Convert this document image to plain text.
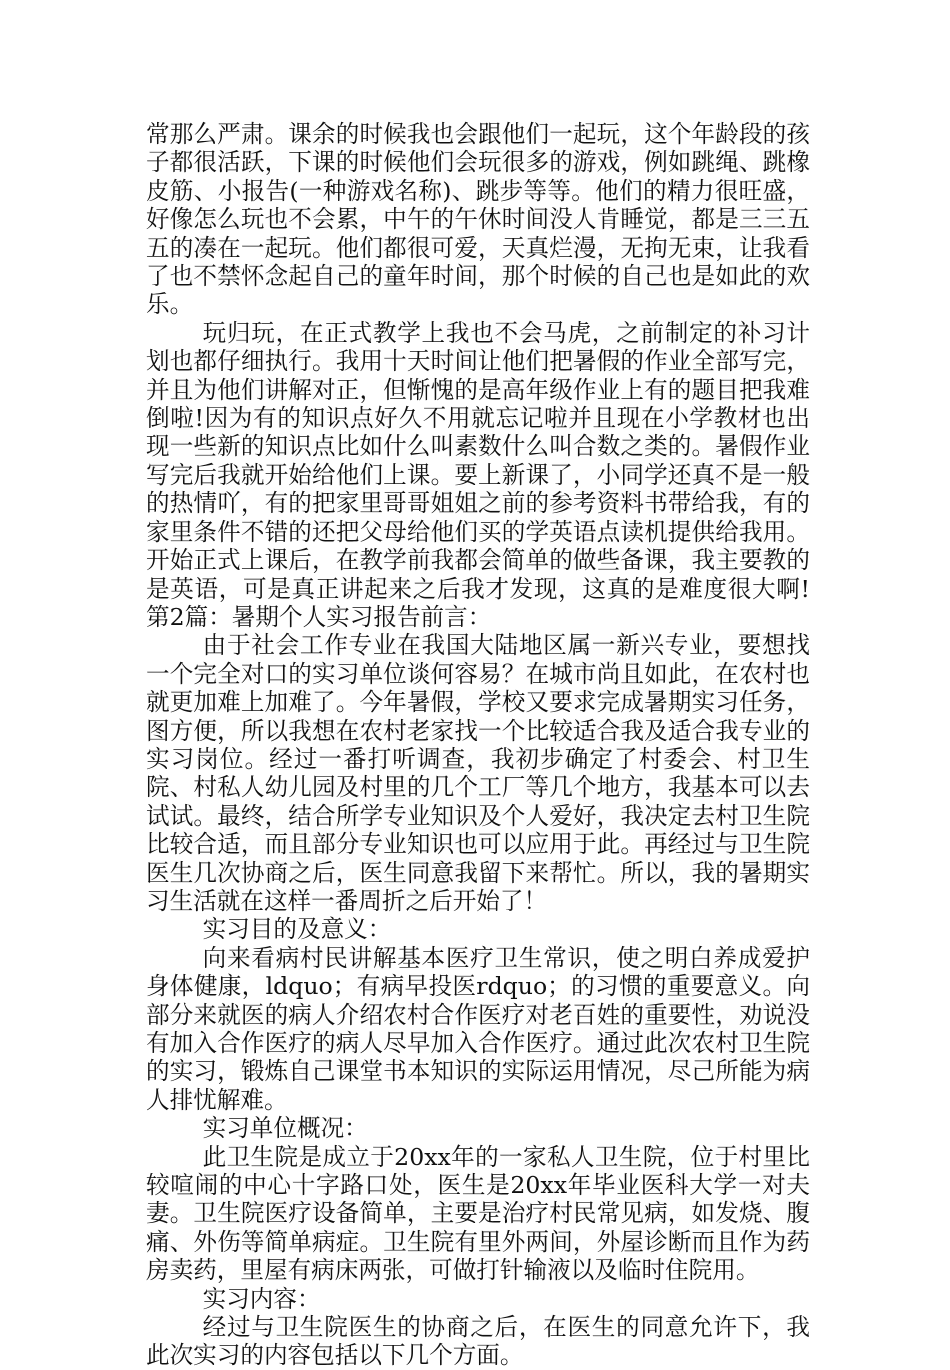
常那么严肃。课余的时候我也会跟他们一起玩，这个年龄段的孩子都很活跃，下课的时候他们会玩很多的游戏，例如跳绳、跳橡皮筋、小报告(一种游戏名称)、跳步等等。他们的精力很旺盛，好像怎么玩也不会累，中午的午休时间没人肯睡觉，都是三三五五的凑在一起玩。他们都很可爱，天真烂漫，无拘无束，让我看了也不禁怀念起自己的童年时间，那个时候的自己也是如此的欢乐。

玩归玩，在正式教学上我也不会马虎，之前制定的补习计划也都仔细执行。我用十天时间让他们把暑假的作业全部写完，并且为他们讲解对正，但惭愧的是高年级作业上有的题目把我难倒啦!因为有的知识点好久不用就忘记啦并且现在小学教材也出现一些新的知识点比如什么叫素数什么叫合数之类的。暑假作业写完后我就开始给他们上课。要上新课了，小同学还真不是一般的热情吖，有的把家里哥哥姐姐之前的参考资料书带给我，有的家里条件不错的还把父母给他们买的学英语点读机提供给我用。开始正式上课后，在教学前我都会简单的做些备课，我主要教的是英语，可是真正讲起来之后我才发现，这真的是难度很大啊!第2篇：暑期个人实习报告前言：

由于社会工作专业在我国大陆地区属一新兴专业，要想找一个完全对口的实习单位谈何容易？在城市尚且如此，在农村也就更加难上加难了。今年暑假，学校又要求完成暑期实习任务，图方便，所以我想在农村老家找一个比较适合我及适合我专业的实习岗位。经过一番打听调查，我初步确定了村委会、村卫生院、村私人幼儿园及村里的几个工厂等几个地方，我基本可以去试试。最终，结合所学专业知识及个人爱好，我决定去村卫生院比较合适，而且部分专业知识也可以应用于此。再经过与卫生院医生几次协商之后，医生同意我留下来帮忙。所以，我的暑期实习生活就在这样一番周折之后开始了！

实习目的及意义：

向来看病村民讲解基本医疗卫生常识，使之明白养成爱护身体健康，ldquo；有病早投医rdquo；的习惯的重要意义。向部分来就医的病人介绍农村合作医疗对老百姓的重要性，劝说没有加入合作医疗的病人尽早加入合作医疗。通过此次农村卫生院的实习，锻炼自己课堂书本知识的实际运用情况，尽己所能为病人排忧解难。

实习单位概况：

此卫生院是成立于20xx年的一家私人卫生院，位于村里比较喧闹的中心十字路口处，医生是20xx年毕业医科大学一对夫妻。卫生院医疗设备简单，主要是治疗村民常见病，如发烧、腹痛、外伤等简单病症。卫生院有里外两间，外屋诊断而且作为药房卖药，里屋有病床两张，可做打针输液以及临时住院用。

实习内容：

经过与卫生院医生的协商之后，在医生的同意允许下，我此次实习的内容包括以下几个方面。
